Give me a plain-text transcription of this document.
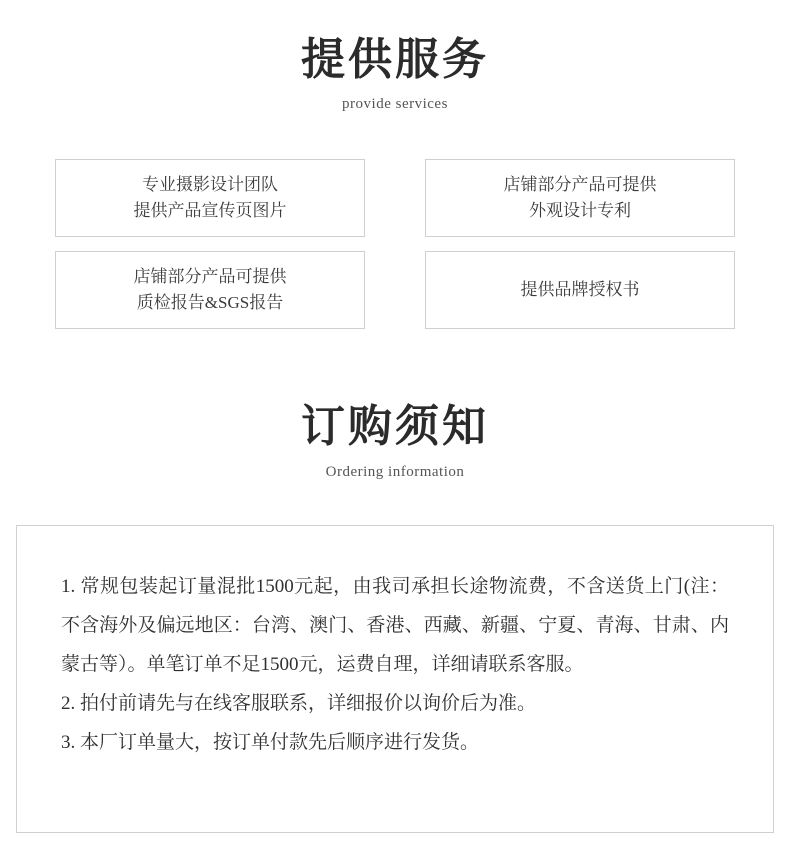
提供服务
provide services
专业摄影设计团队
提供产品宣传页图片
店铺部分产品可提供
外观设计专利
店铺部分产品可提供
质检报告&SGS报告
提供品牌授权书
订购须知
Ordering information
1. 常规包装起订量混批1500元起，由我司承担长途物流费，不含送货上门(注：不含海外及偏远地区：台湾、澳门、香港、西藏、新疆、宁夏、青海、甘肃、内蒙古等）。单笔订单不足1500元，运费自理，详细请联系客服。
2. 拍付前请先与在线客服联系，详细报价以询价后为准。
3. 本厂订单量大，按订单付款先后顺序进行发货。
